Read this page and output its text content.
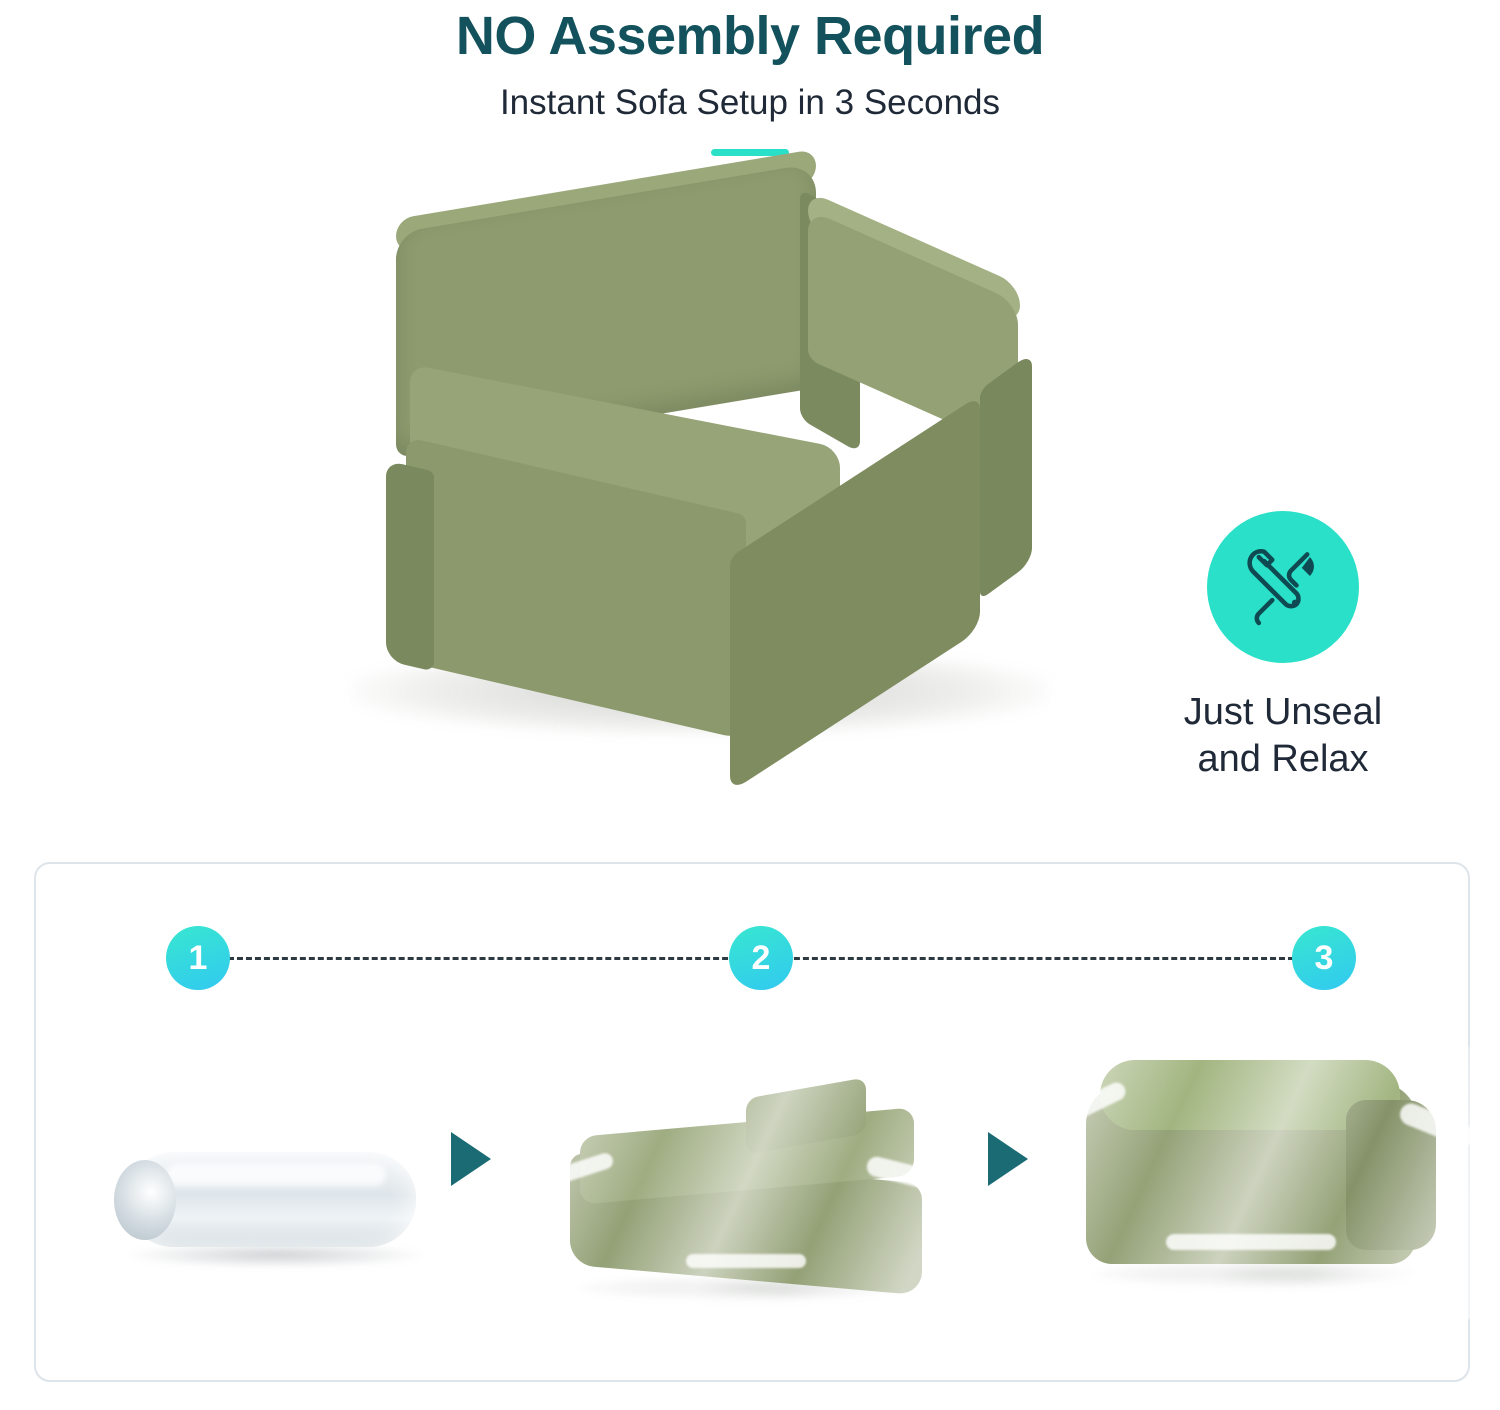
NO Assembly Required
Instant Sofa Setup in 3 Seconds
Just Unseal
and Relax
1	2	3
